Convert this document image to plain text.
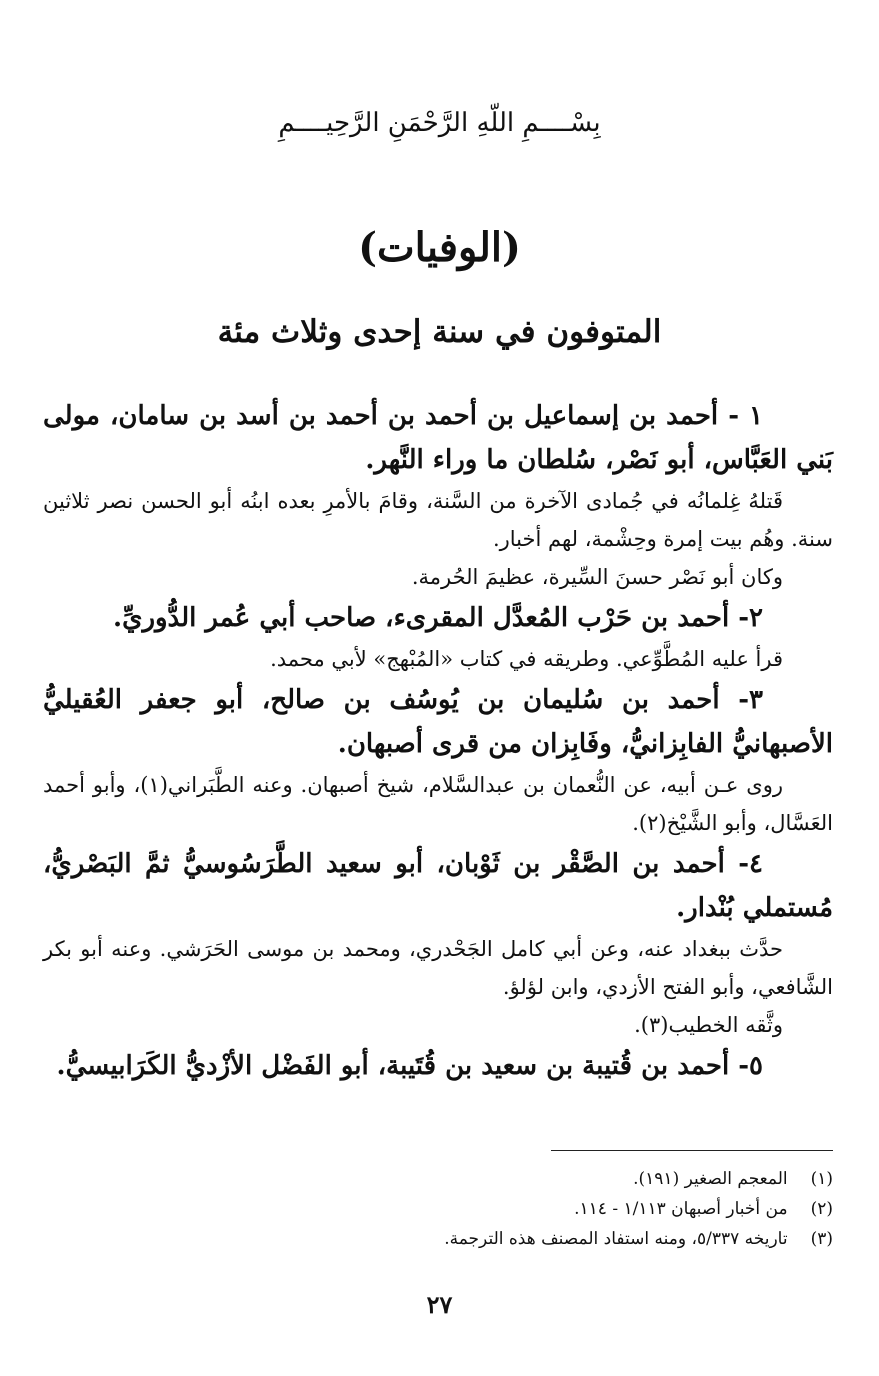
بِسْــــمِ اللّهِ الرَّحْمَنِ الرَّحِيــــمِ
(الوفيات)
المتوفون في سنة إحدى وثلاث مئة

١ - أحمد بن إسماعيل بن أحمد بن أحمد بن أسد بن سامان، مولى بَني العَبَّاس، أبو نَصْر، سُلطان ما وراء النَّهر.

قَتلهُ غِلمانُه في جُمادى الآخرة من السَّنة، وقامَ بالأمرِ بعده ابنُه أبو الحسن نصر ثلاثين سنة. وهُم بيت إمرة وحِشْمة، لهم أخبار.

وكان أبو نَصْر حسنَ السِّيرة، عظيمَ الحُرمة.

٢- أحمد بن حَرْب المُعدَّل المقرىء، صاحب أبي عُمر الدُّوريِّ.

قرأ عليه المُطَّوِّعي. وطريقه في كتاب «المُبْهج» لأبي محمد.

٣- أحمد بن سُليمان بن يُوسُف بن صالح، أبو جعفر العُقيليُّ الأصبهانيُّ الفابِزانيُّ، وفَابِزان من قرى أصبهان.

روى عـن أبيه، عن النُّعمان بن عبدالسَّلام، شيخ أصبهان. وعنه الطَّبَراني(١)، وأبو أحمد العَسَّال، وأبو الشَّيْخ(٢).

٤- أحمد بن الصَّقْر بن ثَوْبان، أبو سعيد الطَّرَسُوسيُّ ثمَّ البَصْريُّ، مُستملي بُنْدار.

حدَّث ببغداد عنه، وعن أبي كامل الجَحْدري، ومحمد بن موسى الحَرَشي. وعنه أبو بكر الشَّافعي، وأبو الفتح الأزدي، وابن لؤلؤ.

وثَّقه الخطيب(٣).

٥- أحمد بن قُتيبة بن سعيد بن قُتَيبة، أبو الفَضْل الأزْديُّ الكَرَابيسيُّ.

(١) المعجم الصغير (١٩١).
(٢) من أخبار أصبهان ١/١١٣ - ١١٤.
(٣) تاريخه ٥/٣٣٧، ومنه استفاد المصنف هذه الترجمة.
٢٧
